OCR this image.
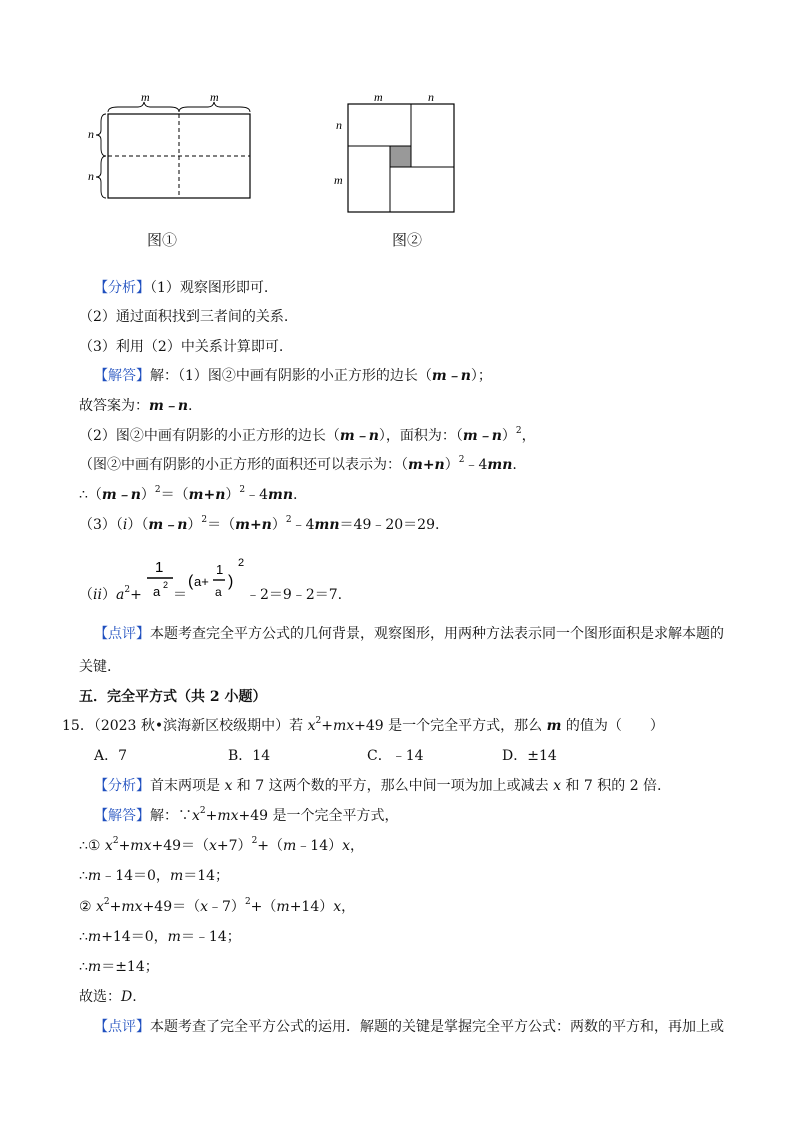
m	m
n
n
图①
m	n
n
m
图②
【分析】（1）观察图形即可.
（2）通过面积找到三者间的关系.
（3）利用（2）中关系计算即可.
【解答】解：（1）图②中画有阴影的小正方形的边长（m﹣n）；
故答案为：m﹣n.
（2）图②中画有阴影的小正方形的边长（m﹣n），面积为：（m﹣n）$^2$，
（图②中画有阴影的小正方形的面积还可以表示为：$(m+n)^2﹣4mn$.
$\therefore(m﹣n)^2=(m+n)^2﹣4mn$.
$(3)(i)(m﹣n)^2=(m+n)^2﹣4mn=49﹣20=29$.
$(ii)a^2+$
1
a 2
＝
( a+
1
a
)
2
﹣2＝9﹣2＝7.
【点评】本题考查完全平方公式的几何背景，观察图形，用两种方法表示同一个图形面积是求解本题的
关键.
五．完全平方式（共 2 小题）
15．（2023 秋•滨海新区校级期中）若 $x^2+mx+49$ 是一个完全平方式，那么 m 的值为（　　）
A．7	B．14	C．﹣14	D．±14
【分析】首末两项是 x 和 7 这两个数的平方，那么中间一项为加上或减去 x 和 7 积的 2 倍.
【解答】解：$\because x^2+mx+49$ 是一个完全平方式，
∴① $x^2+mx+49=(x+7)^2+(m﹣14)x$，
∴m﹣14＝0，m＝14；
② $x^2+mx+49=(x﹣7)^2+(m+14)x$，
∴m+14＝0，m＝﹣14；
∴m＝±14；
故选：D.
【点评】本题考查了完全平方公式的运用．解题的关键是掌握完全平方公式：两数的平方和，再加上或
